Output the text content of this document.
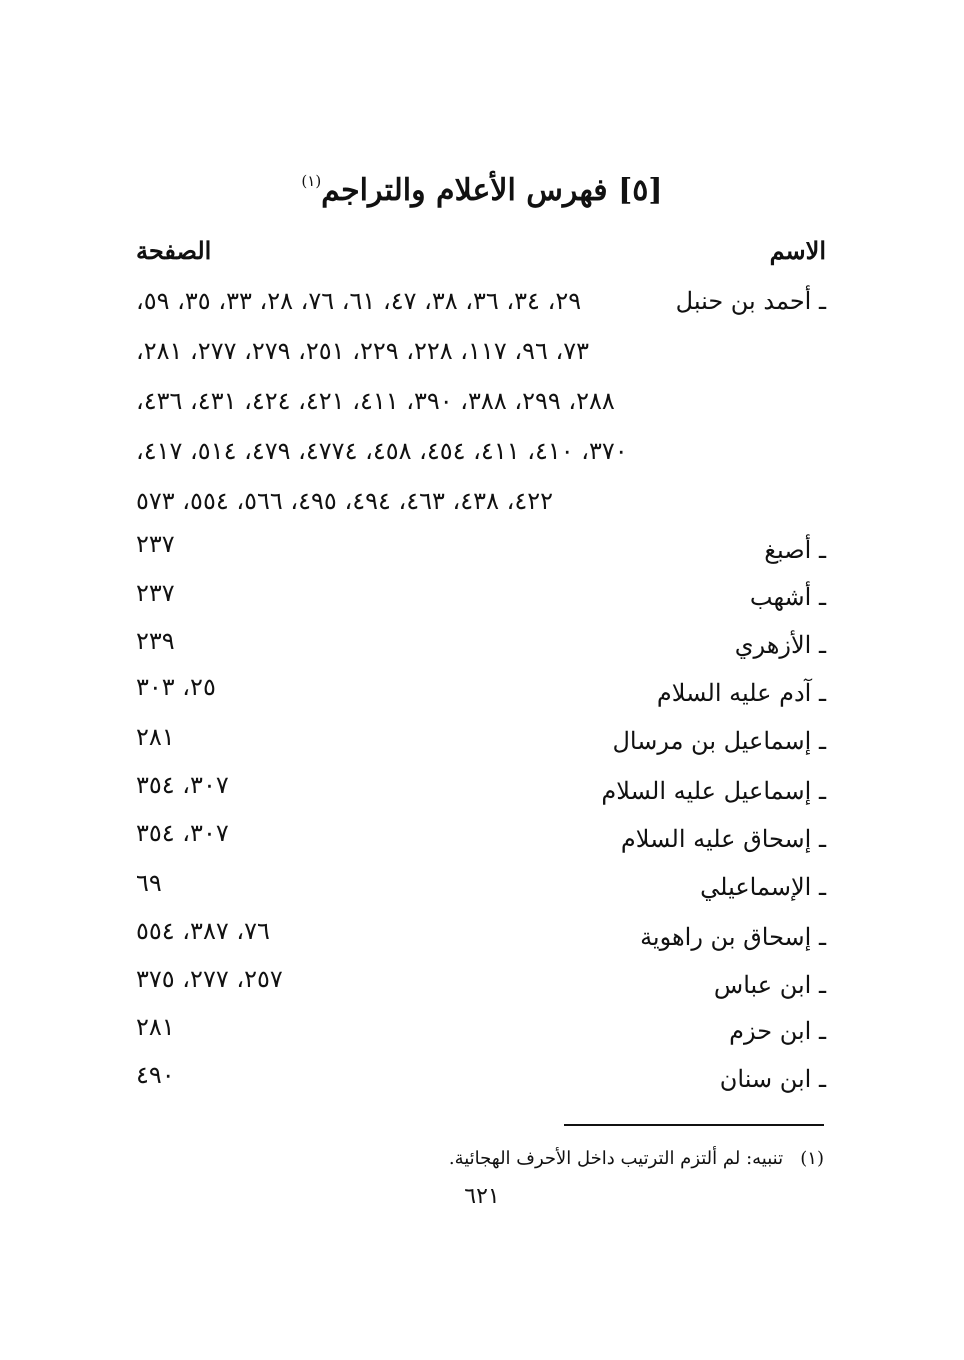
[٥] فهرس الأعلام والتراجم$^{(١)}$
الاسم
الصفحة
ـ أحمد بن حنبل
٢٩، ٣٤، ٣٦، ٣٨، ٤٧، ٦١، ٧٦، ٢٨، ٣٣، ٣٥، ٥٩،
٧٣، ٩٦، ١١٧، ٢٢٨، ٢٢٩، ٢٥١، ٢٧٩، ٢٧٧، ٢٨١،
٢٨٨، ٢٩٩، ٣٨٨، ٣٩٠، ٤١١، ٤٢١، ٤٢٤، ٤٣١، ٤٣٦،
٣٧٠، ٤١٠، ٤١١، ٤٥٤، ٤٥٨، ٤٧٧٤، ٤٧٩، ٥١٤، ٤١٧،
٤٢٢، ٤٣٨، ٤٦٣، ٤٩٤، ٤٩٥، ٥٦٦، ٥٥٤، ٥٧٣
ـ أصبغ
٢٣٧
ـ أشهب
٢٣٧
ـ الأزهري
٢٣٩
ـ آدم عليه السلام
٢٥، ٣٠٣
ـ إسماعيل بن مرسال
٢٨١
ـ إسماعيل عليه السلام
٣٠٧، ٣٥٤
ـ إسحاق عليه السلام
٣٠٧، ٣٥٤
ـ الإسماعيلي
٦٩
ـ إسحاق بن راهوية
٧٦، ٣٨٧، ٥٥٤
ـ ابن عباس
٢٥٧، ٢٧٧، ٣٧٥
ـ ابن حزم
٢٨١
ـ ابن سنان
٤٩٠
(١)   تنبيه: لم ألتزم الترتيب داخل الأحرف الهجائية.
٦٢١
